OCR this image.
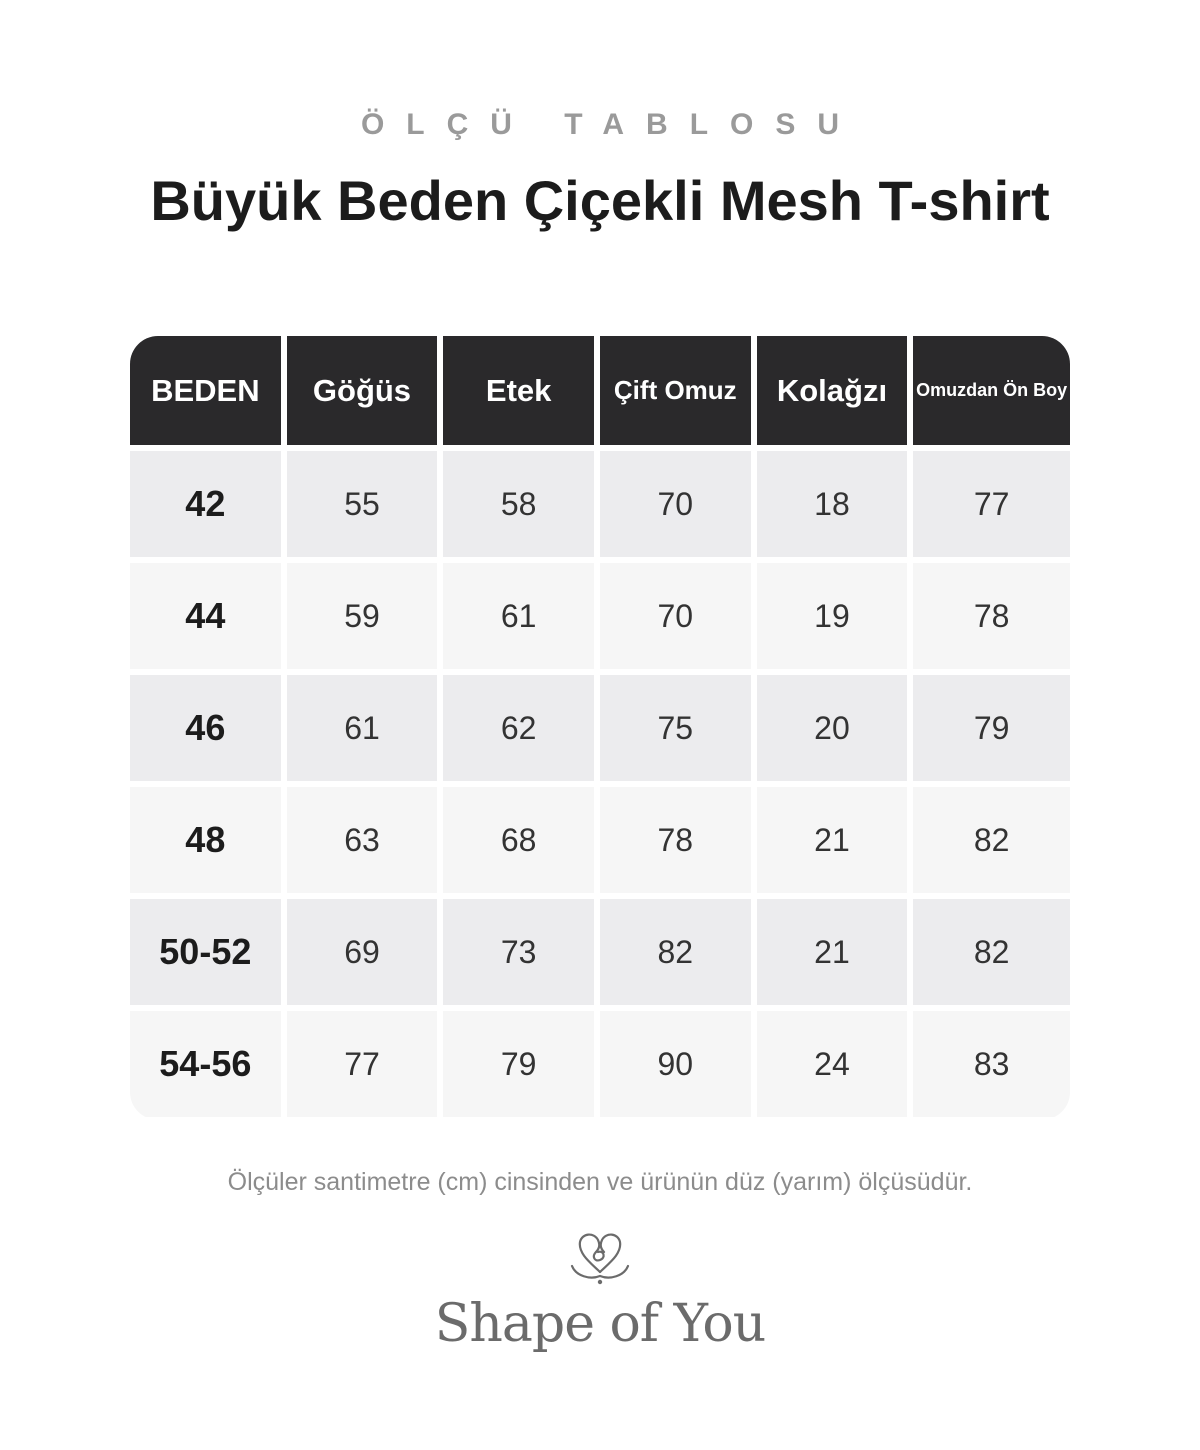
ÖLÇÜ TABLOSU
Büyük Beden Çiçekli Mesh T-shirt
BEDEN	Göğüs	Etek	Çift Omuz	Kolağzı	Omuzdan Ön Boy
42	55	58	70	18	77
44	59	61	70	19	78
46	61	62	75	20	79
48	63	68	78	21	82
50-52	69	73	82	21	82
54-56	77	79	90	24	83
Ölçüler santimetre (cm) cinsinden ve ürünün düz (yarım) ölçüsüdür.
Shape of You
